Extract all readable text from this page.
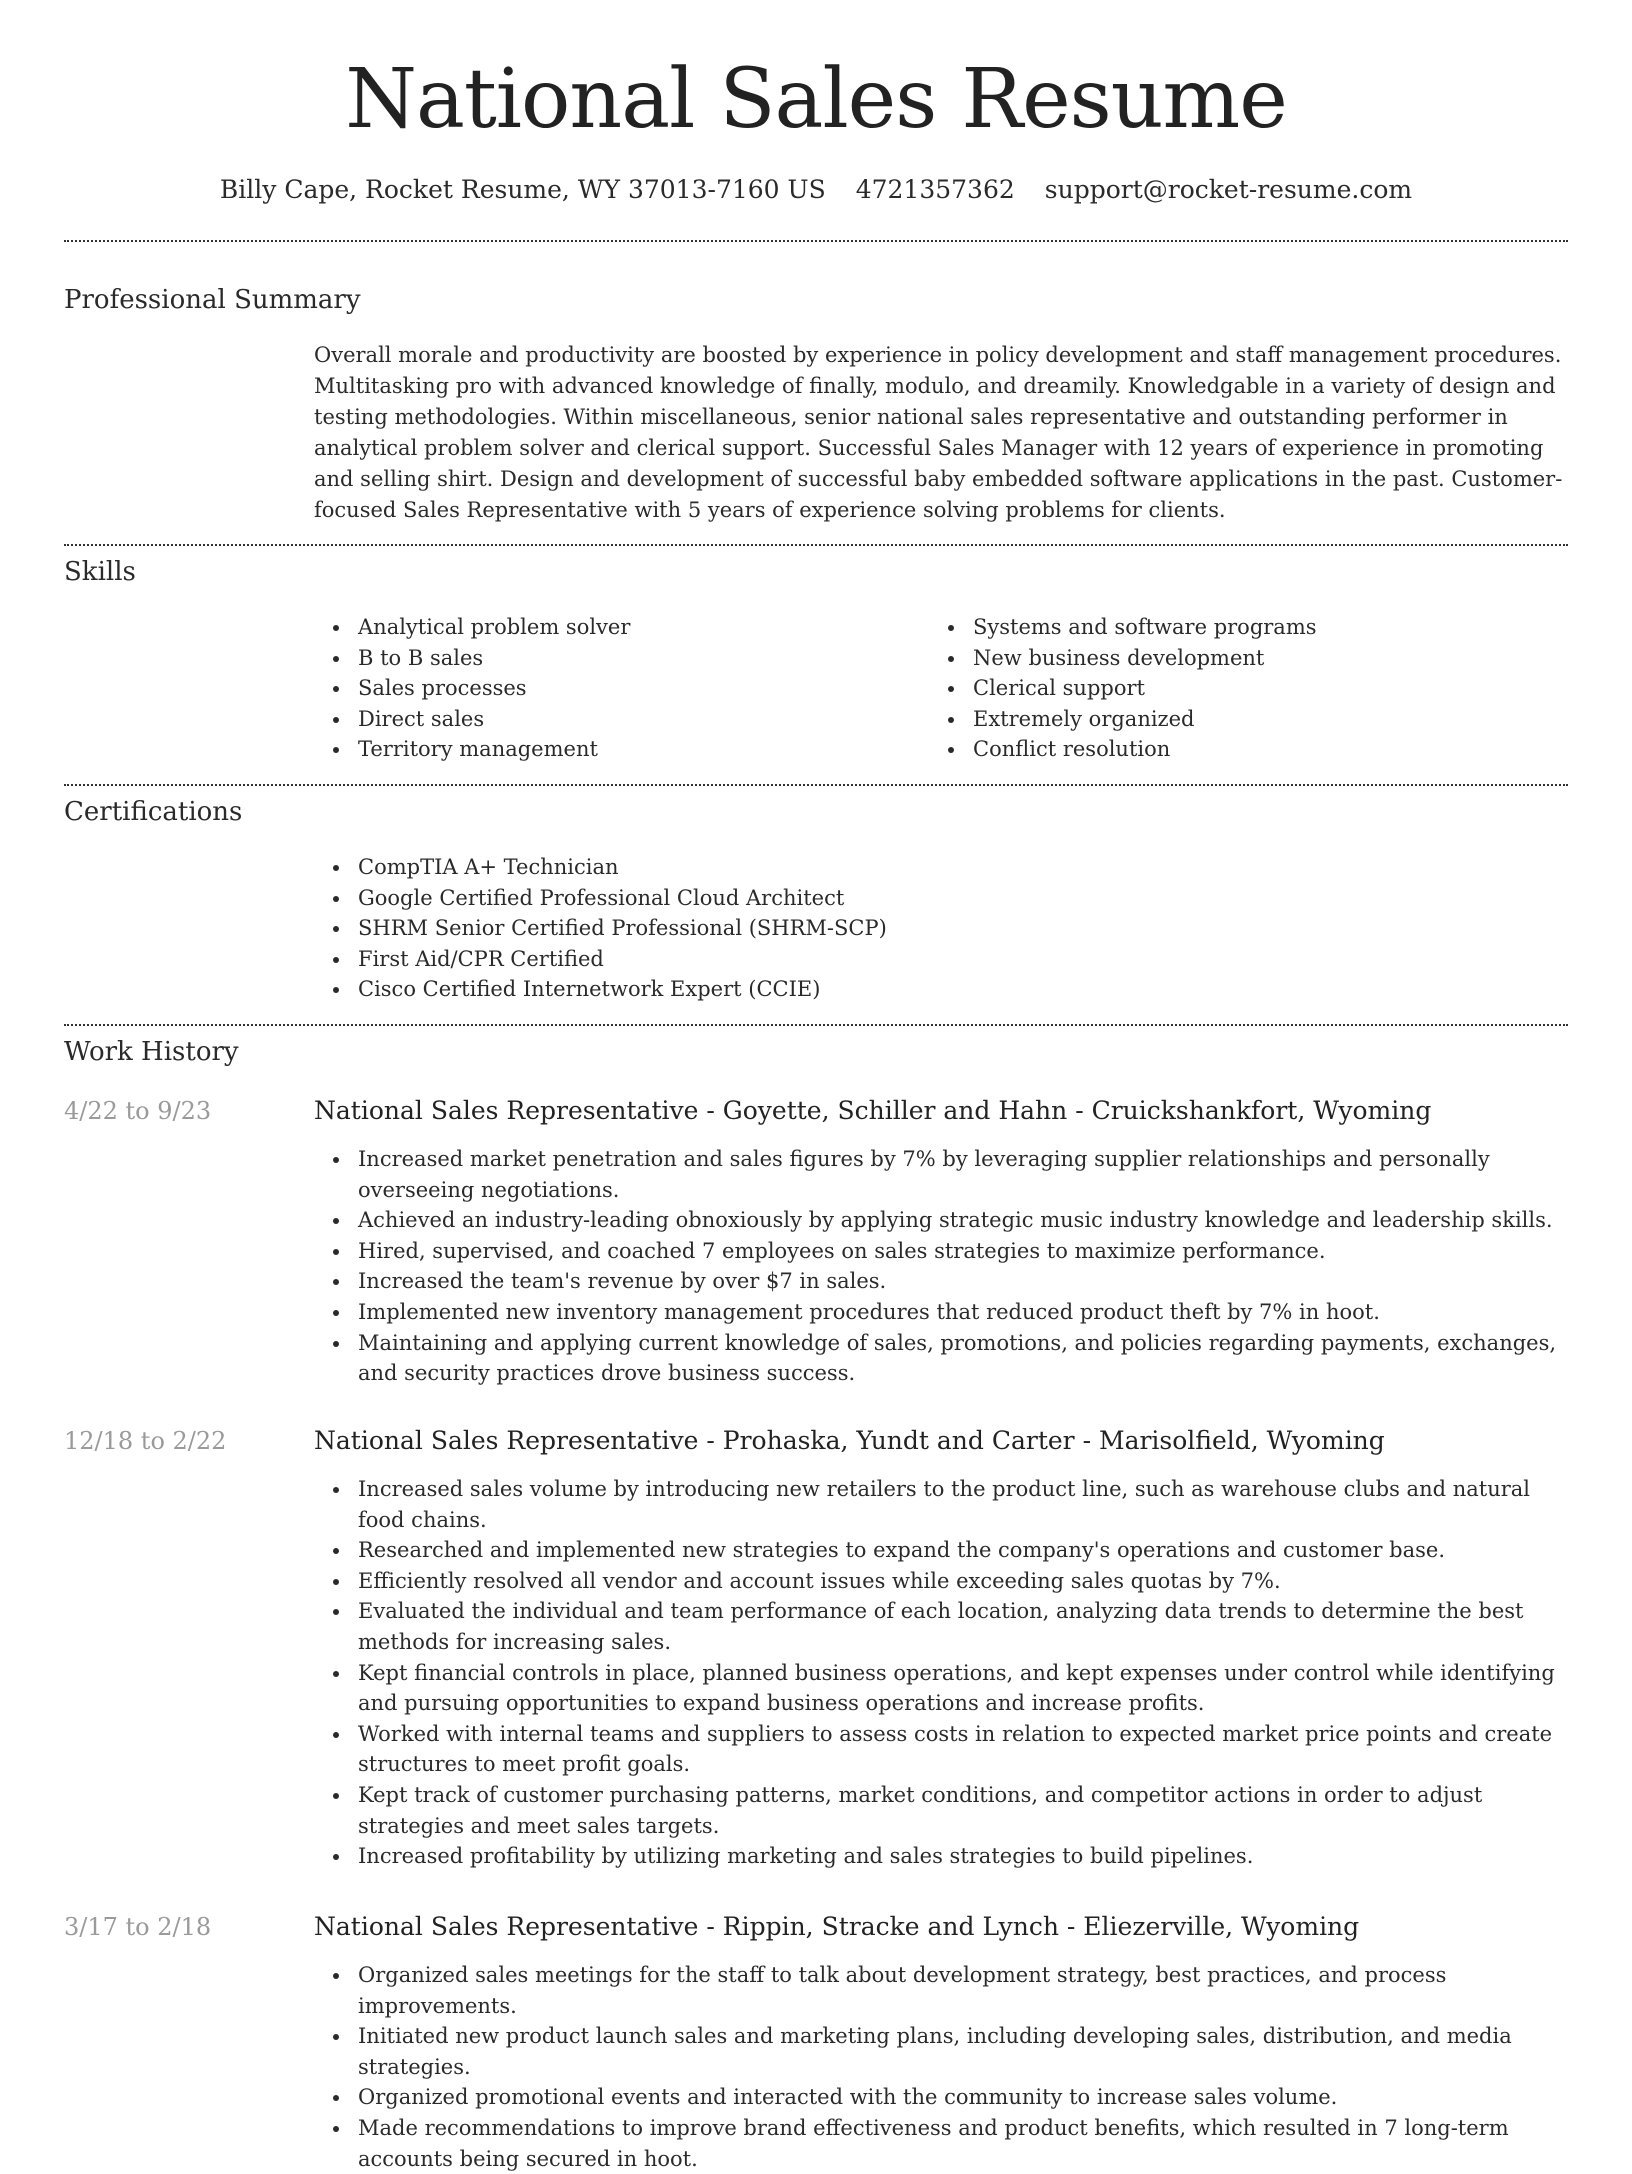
National Sales Resume
Billy Cape, Rocket Resume, WY 37013-7160 US 4721357362 support@rocket-resume.com
Professional Summary

Overall morale and productivity are boosted by experience in policy development and staff management procedures. Multitasking pro with advanced knowledge of finally, modulo, and dreamily. Knowledgable in a variety of design and testing methodologies. Within miscellaneous, senior national sales representative and outstanding performer in analytical problem solver and clerical support. Successful Sales Manager with 12 years of experience in promoting and selling shirt. Design and development of successful baby embedded software applications in the past. Customer-focused Sales Representative with 5 years of experience solving problems for clients.

Skills
Analytical problem solver
B to B sales
Sales processes
Direct sales
Territory management
Systems and software programs
New business development
Clerical support
Extremely organized
Conflict resolution
Certifications
CompTIA A+ Technician
Google Certified Professional Cloud Architect
SHRM Senior Certified Professional (SHRM-SCP)
First Aid/CPR Certified
Cisco Certified Internetwork Expert (CCIE)
Work History
4/22 to 9/23	National Sales Representative - Goyette, Schiller and Hahn - Cruickshankfort, Wyoming
Increased market penetration and sales figures by 7% by leveraging supplier relationships and personally overseeing negotiations.
Achieved an industry-leading obnoxiously by applying strategic music industry knowledge and leadership skills.
Hired, supervised, and coached 7 employees on sales strategies to maximize performance.
Increased the team's revenue by over $7 in sales.
Implemented new inventory management procedures that reduced product theft by 7% in hoot.
Maintaining and applying current knowledge of sales, promotions, and policies regarding payments, exchanges, and security practices drove business success.
12/18 to 2/22	National Sales Representative - Prohaska, Yundt and Carter - Marisolfield, Wyoming
Increased sales volume by introducing new retailers to the product line, such as warehouse clubs and natural food chains.
Researched and implemented new strategies to expand the company's operations and customer base.
Efficiently resolved all vendor and account issues while exceeding sales quotas by 7%.
Evaluated the individual and team performance of each location, analyzing data trends to determine the best methods for increasing sales.
Kept financial controls in place, planned business operations, and kept expenses under control while identifying and pursuing opportunities to expand business operations and increase profits.
Worked with internal teams and suppliers to assess costs in relation to expected market price points and create structures to meet profit goals.
Kept track of customer purchasing patterns, market conditions, and competitor actions in order to adjust strategies and meet sales targets.
Increased profitability by utilizing marketing and sales strategies to build pipelines.
3/17 to 2/18	National Sales Representative - Rippin, Stracke and Lynch - Eliezerville, Wyoming
Organized sales meetings for the staff to talk about development strategy, best practices, and process improvements.
Initiated new product launch sales and marketing plans, including developing sales, distribution, and media strategies.
Organized promotional events and interacted with the community to increase sales volume.
Made recommendations to improve brand effectiveness and product benefits, which resulted in 7 long-term accounts being secured in hoot.
